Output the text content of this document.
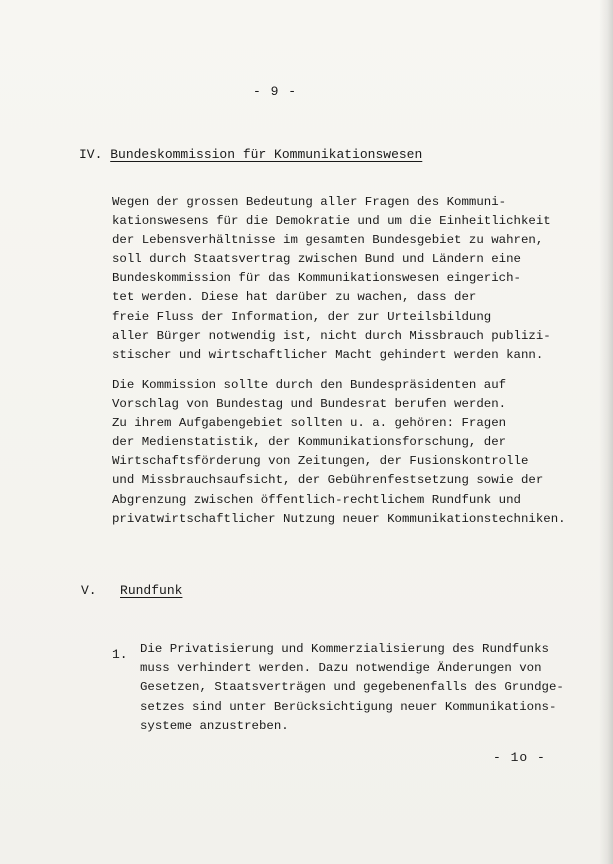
- 9 -
IV. Bundeskommission für Kommunikationswesen
Wegen der grossen Bedeutung aller Fragen des Kommuni-
kationswesens für die Demokratie und um die Einheitlichkeit
der Lebensverhältnisse im gesamten Bundesgebiet zu wahren,
soll durch Staatsvertrag zwischen Bund und Ländern eine
Bundeskommission für das Kommunikationswesen eingerich-
tet werden. Diese hat darüber zu wachen, dass der
freie Fluss der Information, der zur Urteilsbildung
aller Bürger notwendig ist, nicht durch Missbrauch publizi-
stischer und wirtschaftlicher Macht gehindert werden kann.
Die Kommission sollte durch den Bundespräsidenten auf
Vorschlag von Bundestag und Bundesrat berufen werden.
Zu ihrem Aufgabengebiet sollten u. a. gehören: Fragen
der Medienstatistik, der Kommunikationsforschung, der
Wirtschaftsförderung von Zeitungen, der Fusionskontrolle
und Missbrauchsaufsicht, der Gebührenfestsetzung sowie der
Abgrenzung zwischen öffentlich-rechtlichem Rundfunk und
privatwirtschaftlicher Nutzung neuer Kommunikationstechniken.
V. Rundfunk
1. Die Privatisierung und Kommerzialisierung des Rundfunks
muss verhindert werden. Dazu notwendige Änderungen von
Gesetzen, Staatsverträgen und gegebenenfalls des Grundge-
setzes sind unter Berücksichtigung neuer Kommunikations-
systeme anzustreben.
- 1o -
